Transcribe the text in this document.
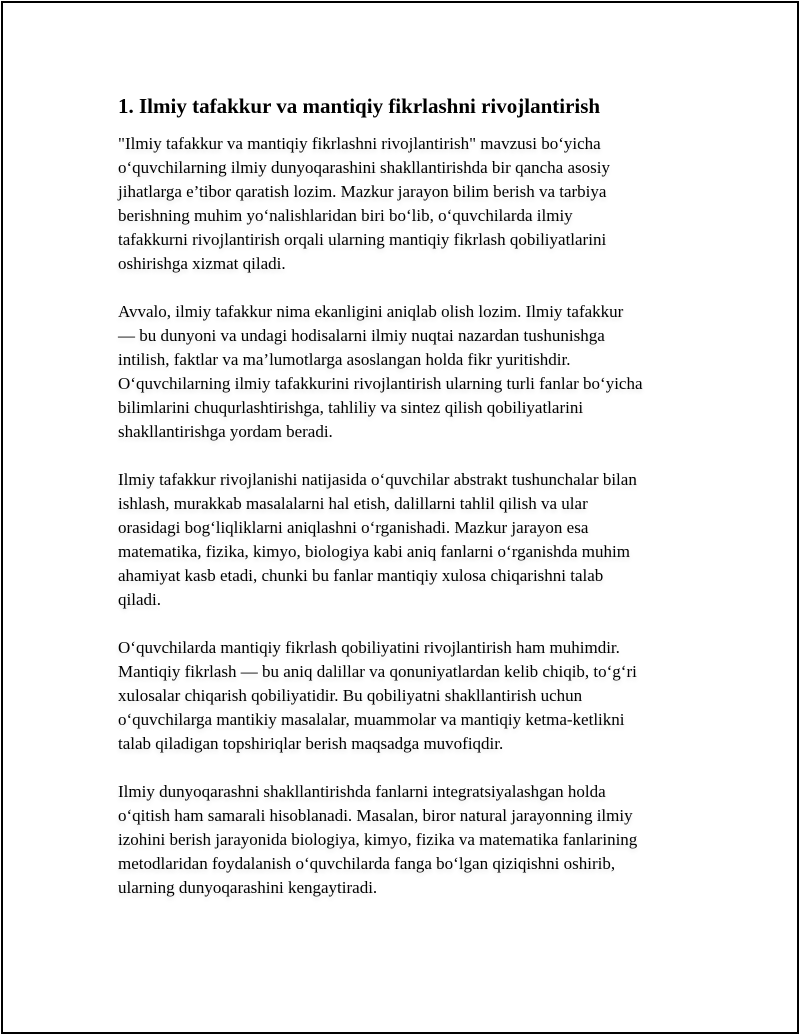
1. Ilmiy tafakkur va mantiqiy fikrlashni rivojlantirish

"Ilmiy tafakkur va mantiqiy fikrlashni rivojlantirish" mavzusi bo‘yicha
o‘quvchilarning ilmiy dunyoqarashini shakllantirishda bir qancha asosiy
jihatlarga e’tibor qaratish lozim. Mazkur jarayon bilim berish va tarbiya
berishning muhim yo‘nalishlaridan biri bo‘lib, o‘quvchilarda ilmiy
tafakkurni rivojlantirish orqali ularning mantiqiy fikrlash qobiliyatlarini
oshirishga xizmat qiladi.

Avvalo, ilmiy tafakkur nima ekanligini aniqlab olish lozim. Ilmiy tafakkur
— bu dunyoni va undagi hodisalarni ilmiy nuqtai nazardan tushunishga
intilish, faktlar va ma’lumotlarga asoslangan holda fikr yuritishdir.
O‘quvchilarning ilmiy tafakkurini rivojlantirish ularning turli fanlar bo‘yicha
bilimlarini chuqurlashtirishga, tahliliy va sintez qilish qobiliyatlarini
shakllantirishga yordam beradi.

Ilmiy tafakkur rivojlanishi natijasida o‘quvchilar abstrakt tushunchalar bilan
ishlash, murakkab masalalarni hal etish, dalillarni tahlil qilish va ular
orasidagi bog‘liqliklarni aniqlashni o‘rganishadi. Mazkur jarayon esa
matematika, fizika, kimyo, biologiya kabi aniq fanlarni o‘rganishda muhim
ahamiyat kasb etadi, chunki bu fanlar mantiqiy xulosa chiqarishni talab
qiladi.

O‘quvchilarda mantiqiy fikrlash qobiliyatini rivojlantirish ham muhimdir.
Mantiqiy fikrlash — bu aniq dalillar va qonuniyatlardan kelib chiqib, to‘g‘ri
xulosalar chiqarish qobiliyatidir. Bu qobiliyatni shakllantirish uchun
o‘quvchilarga mantikiy masalalar, muammolar va mantiqiy ketma-ketlikni
talab qiladigan topshiriqlar berish maqsadga muvofiqdir.

Ilmiy dunyoqarashni shakllantirishda fanlarni integratsiyalashgan holda
o‘qitish ham samarali hisoblanadi. Masalan, biror natural jarayonning ilmiy
izohini berish jarayonida biologiya, kimyo, fizika va matematika fanlarining
metodlaridan foydalanish o‘quvchilarda fanga bo‘lgan qiziqishni oshirib,
ularning dunyoqarashini kengaytiradi.
